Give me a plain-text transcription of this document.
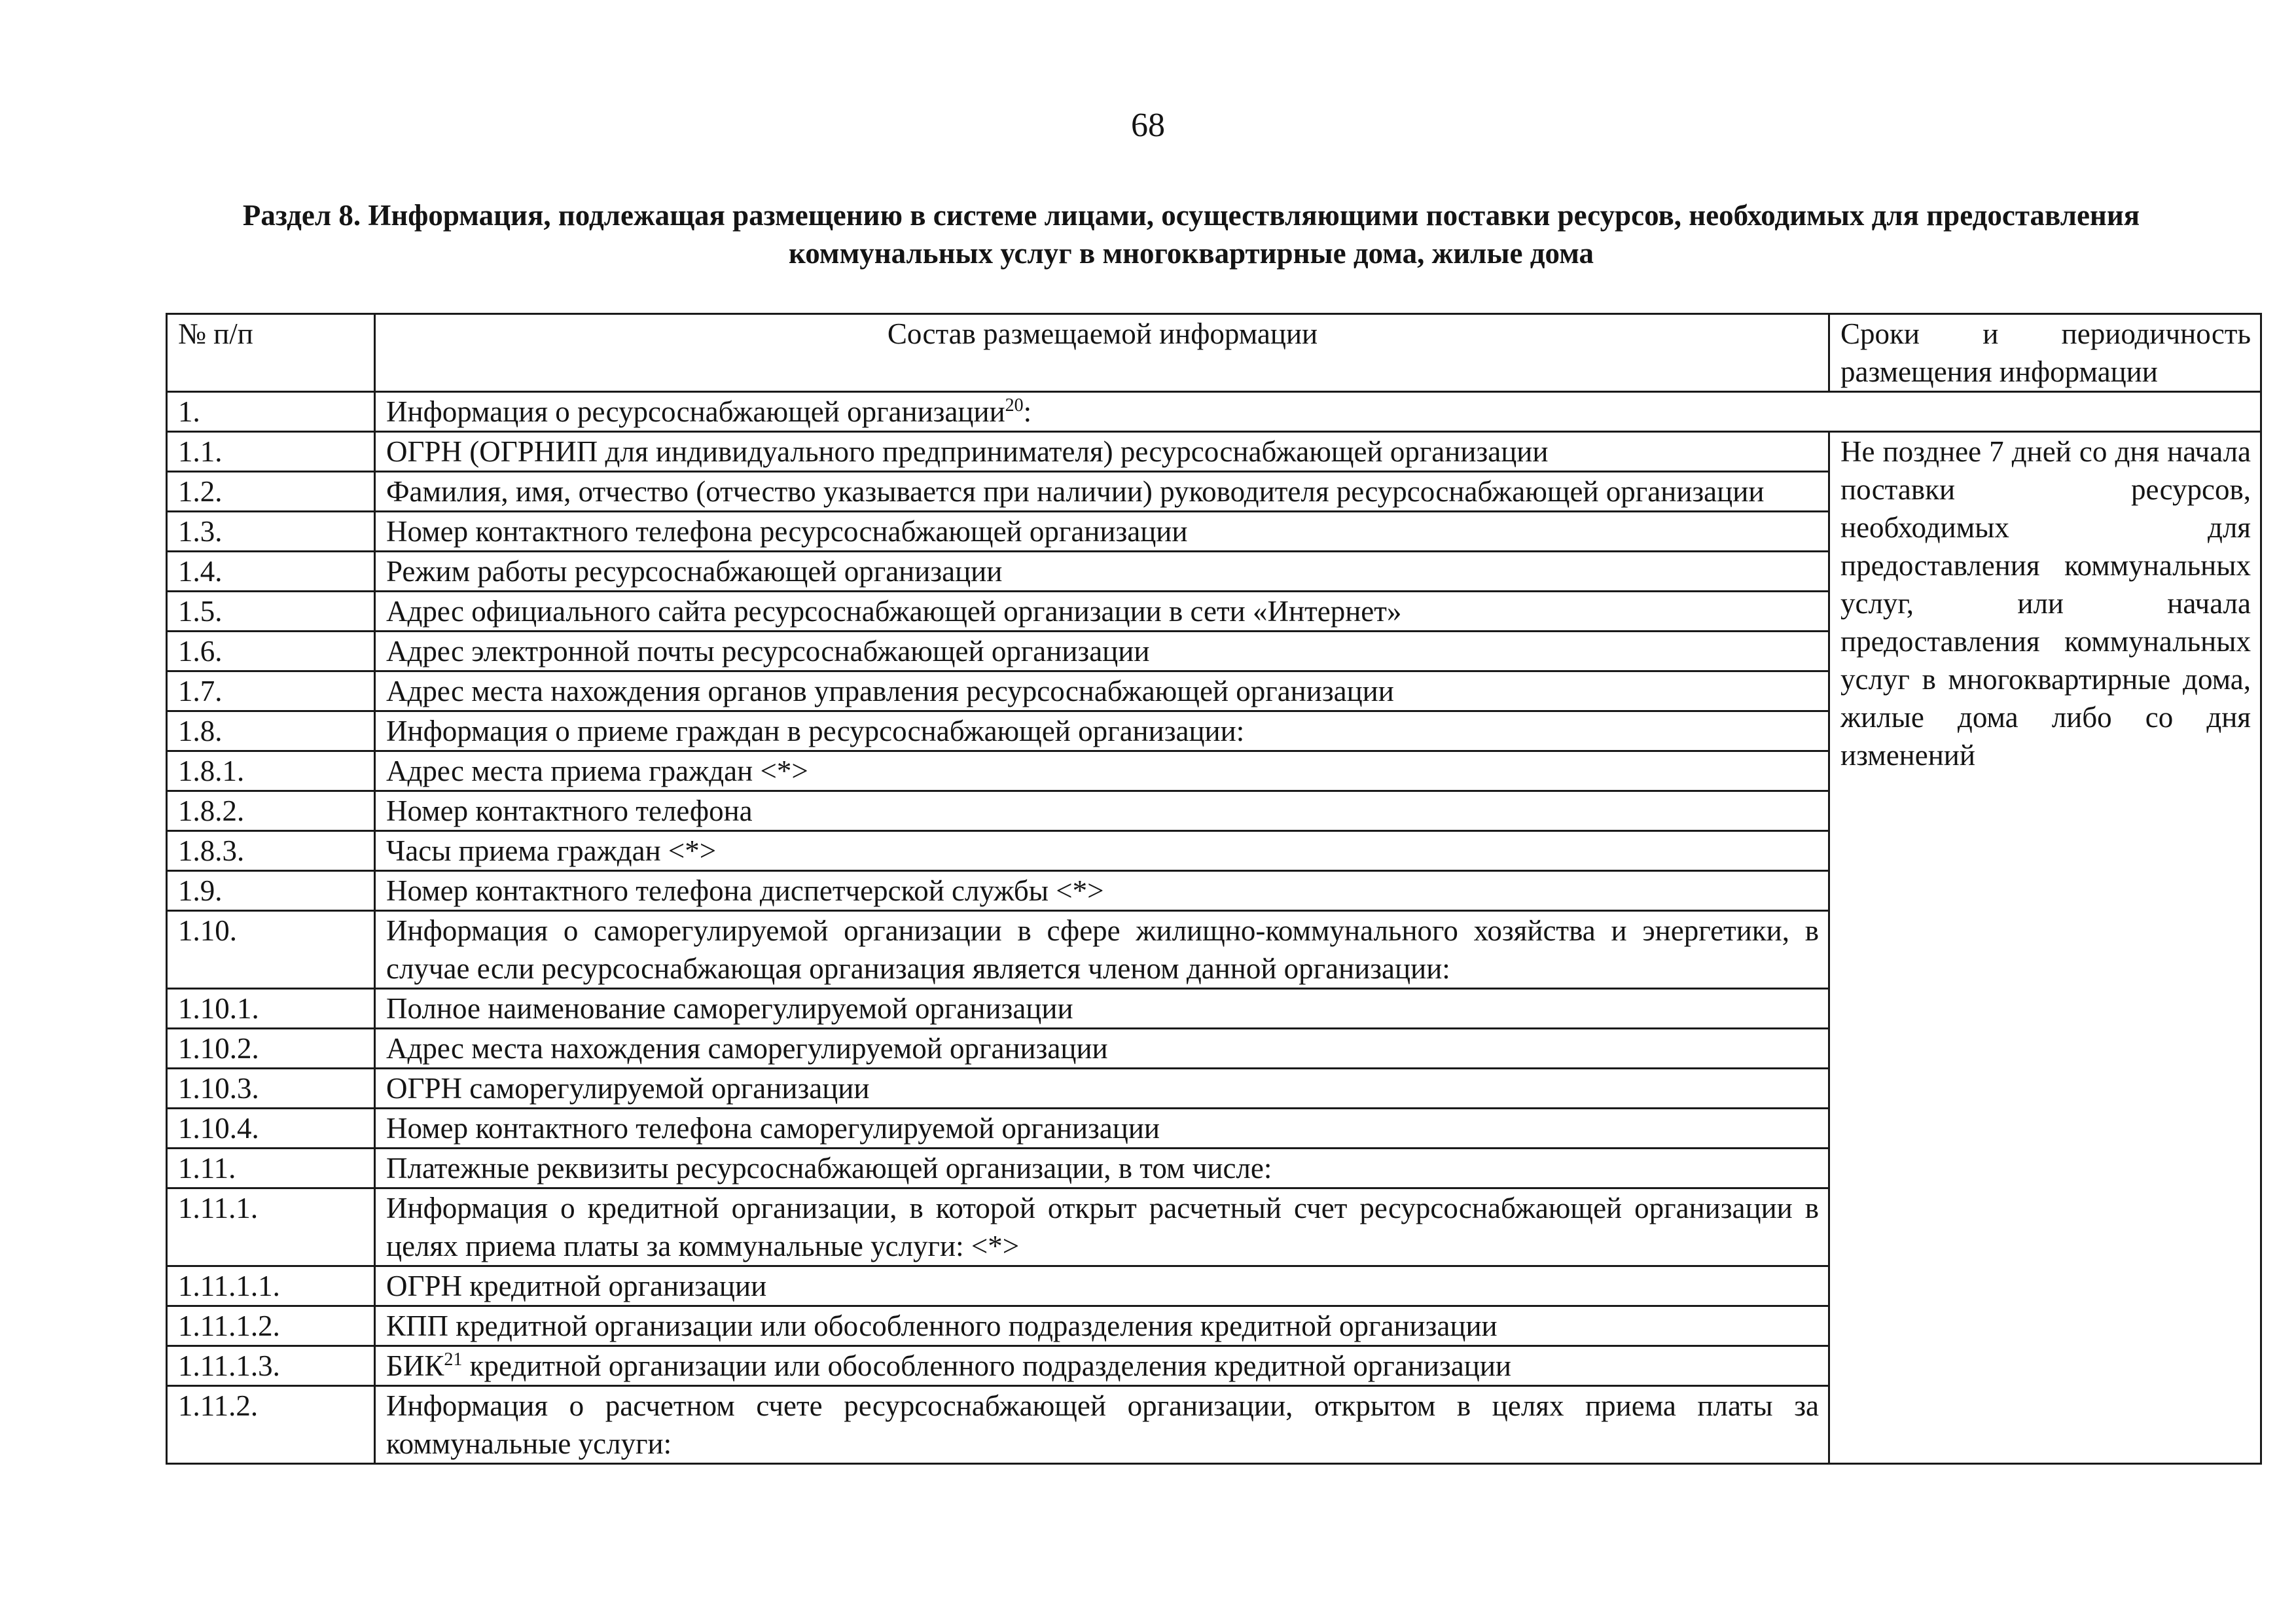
68
Раздел 8. Информация, подлежащая размещению в системе лицами, осуществляющими поставки ресурсов, необходимых для предоставления коммунальных услуг в многоквартирные дома, жилые дома
№ п/п	Состав размещаемой информации	Сроки и периодичность размещения информации

1.	Информация о ресурсоснабжающей организации$^{20}$:	
1.1.	ОГРН (ОГРНИП для индивидуального предпринимателя) ресурсоснабжающей организации	Не позднее 7 дней со дня начала поставки ресурсов, необходимых для предоставления коммунальных услуг, или начала предоставления коммунальных услуг в многоквартирные дома, жилые дома либо со дня изменений

1.2.	Фамилия, имя, отчество (отчество указывается при наличии) руководителя ресурсоснабжающей организации	
1.3.	Номер контактного телефона ресурсоснабжающей организации	
1.4.	Режим работы ресурсоснабжающей организации	
1.5.	Адрес официального сайта ресурсоснабжающей организации в сети «Интернет»	
1.6.	Адрес электронной почты ресурсоснабжающей организации	
1.7.	Адрес места нахождения органов управления ресурсоснабжающей организации	
1.8.	Информация о приеме граждан в ресурсоснабжающей организации:	
1.8.1.	Адрес места приема граждан <*>	
1.8.2.	Номер контактного телефона	
1.8.3.	Часы приема граждан <*>	
1.9.	Номер контактного телефона диспетчерской службы <*>	
1.10.	Информация о саморегулируемой организации в сфере жилищно-коммунального хозяйства и энергетики, в случае если ресурсоснабжающая организация является членом данной организации:	
1.10.1.	Полное наименование саморегулируемой организации	
1.10.2.	Адрес места нахождения саморегулируемой организации	
1.10.3.	ОГРН саморегулируемой организации	
1.10.4.	Номер контактного телефона саморегулируемой организации	
1.11.	Платежные реквизиты ресурсоснабжающей организации, в том числе:	
1.11.1.	Информация о кредитной организации, в которой открыт расчетный счет ресурсоснабжающей организации в целях приема платы за коммунальные услуги: <*>	
1.11.1.1.	ОГРН кредитной организации	
1.11.1.2.	КПП кредитной организации или обособленного подразделения кредитной организации	
1.11.1.3.	БИК$^{21}$ кредитной организации или обособленного подразделения кредитной организации	
1.11.2.	Информация о расчетном счете ресурсоснабжающей организации, открытом в целях приема платы за коммунальные услуги:	
